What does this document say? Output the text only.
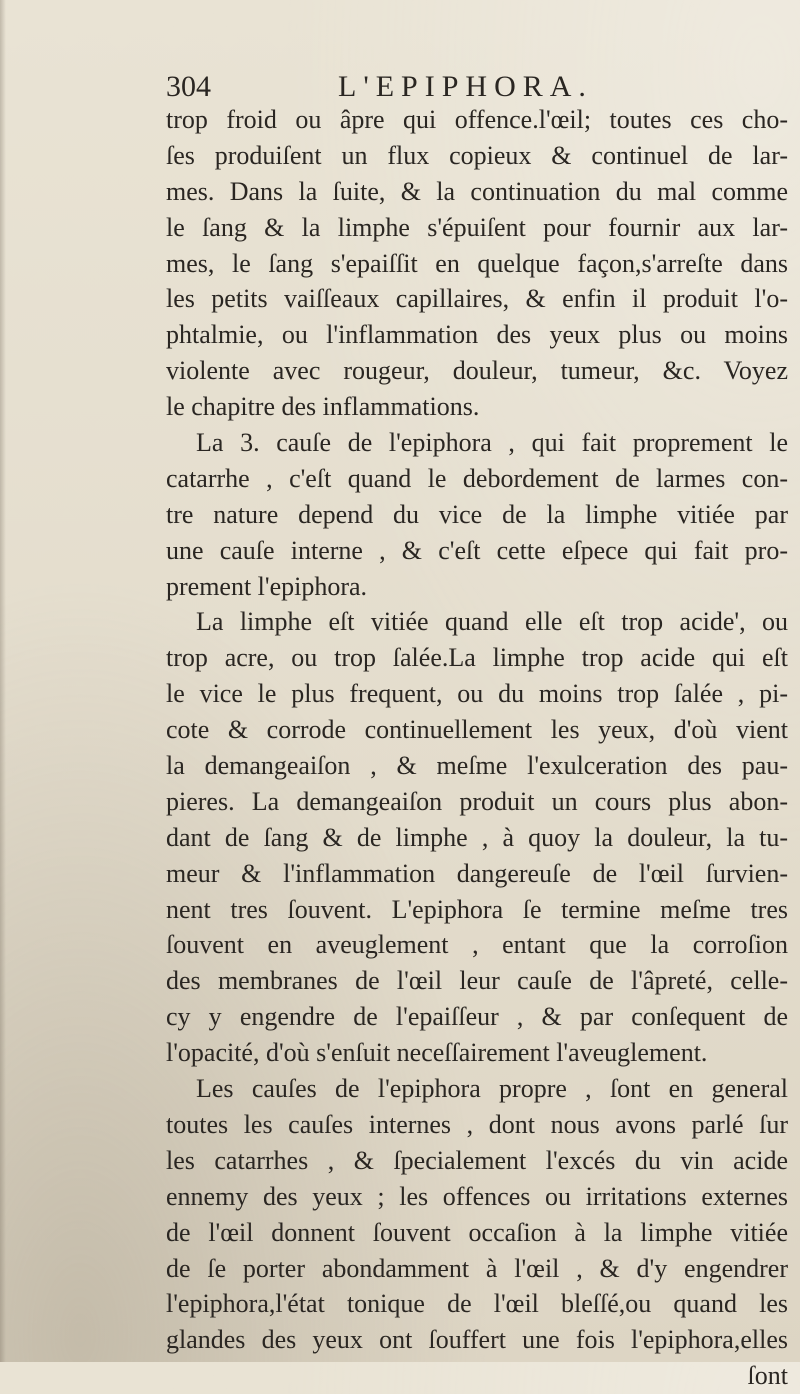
304	L'EPIPHORA.
trop froid ou âpre qui offence.l'œil; toutes ces cho-
ſes produiſent un flux copieux & continuel de lar-
mes. Dans la ſuite, & la continuation du mal comme
le ſang & la limphe s'épuiſent pour fournir aux lar-
mes, le ſang s'epaiſſit en quelque façon,s'arreſte dans
les petits vaiſſeaux capillaires, & enfin il produit l'o-
phtalmie, ou l'inflammation des yeux plus ou moins
violente avec rougeur, douleur, tumeur, &c. Voyez
le chapitre des inflammations.
La 3. cauſe de l'epiphora , qui fait proprement le
catarrhe , c'eſt quand le debordement de larmes con-
tre nature depend du vice de la limphe vitiée par
une cauſe interne , & c'eſt cette eſpece qui fait pro-
prement l'epiphora.
La limphe eſt vitiée quand elle eſt trop acide', ou
trop acre, ou trop ſalée.La limphe trop acide qui eſt
le vice le plus frequent, ou du moins trop ſalée , pi-
cote & corrode continuellement les yeux, d'où vient
la demangeaiſon , & meſme l'exulceration des pau-
pieres. La demangeaiſon produit un cours plus abon-
dant de ſang & de limphe , à quoy la douleur, la tu-
meur & l'inflammation dangereuſe de l'œil ſurvien-
nent tres ſouvent. L'epiphora ſe termine meſme tres
ſouvent en aveuglement , entant que la corroſion
des membranes de l'œil leur cauſe de l'âpreté, celle-
cy y engendre de l'epaiſſeur , & par conſequent de
l'opacité, d'où s'enſuit neceſſairement l'aveuglement.
Les cauſes de l'epiphora propre , ſont en general
toutes les cauſes internes , dont nous avons parlé ſur
les catarrhes , & ſpecialement l'excés du vin acide
ennemy des yeux ; les offences ou irritations externes
de l'œil donnent ſouvent occaſion à la limphe vitiée
de ſe porter abondamment à l'œil , & d'y engendrer
l'epiphora,l'état tonique de l'œil bleſſé,ou quand les
glandes des yeux ont ſouffert une fois l'epiphora,elles
ſont
